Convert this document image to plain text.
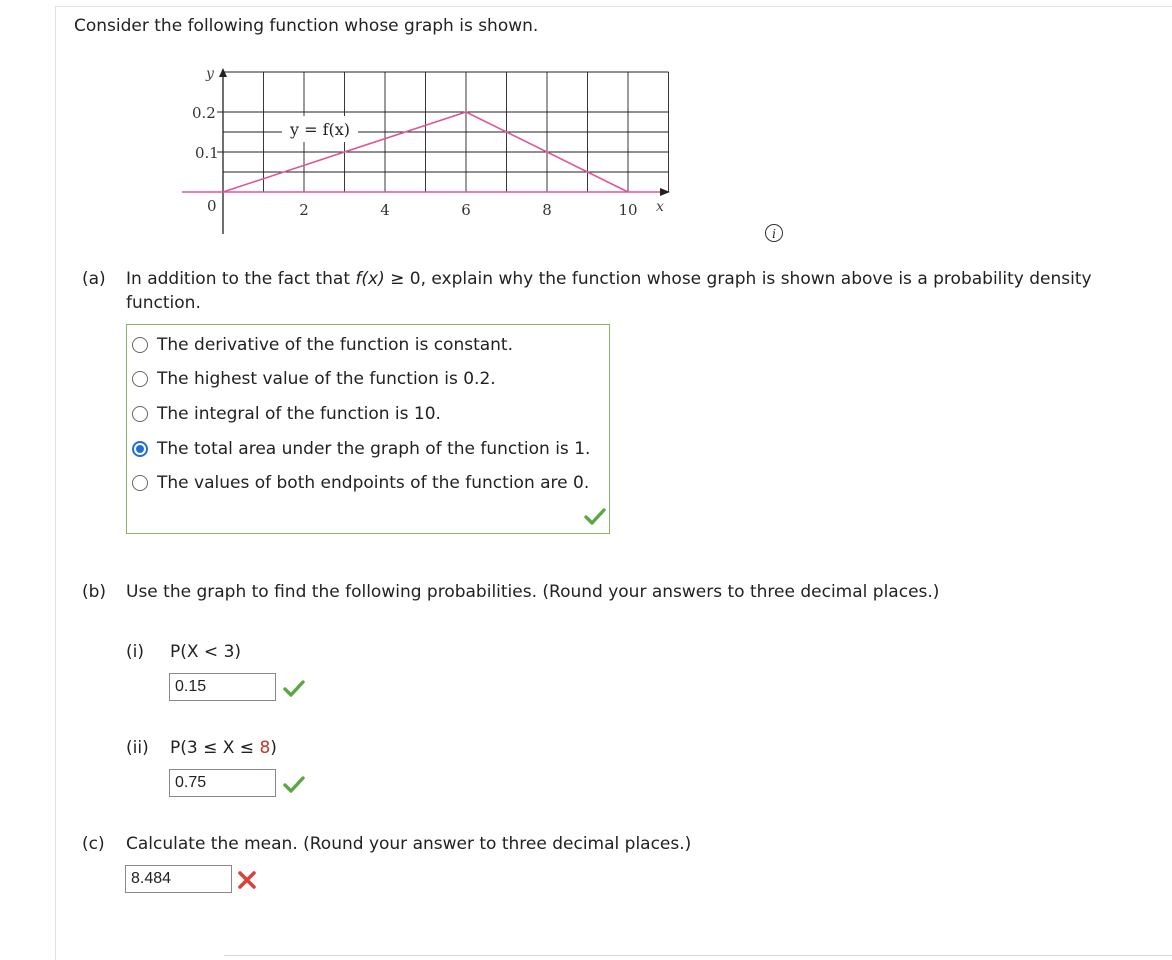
Consider the following function whose graph is shown.
y
x
0.2
0.1
0	2	4	6	8	10
y = f(x)
i
(a) In addition to the fact that f(x) ≥ 0, explain why the function whose graph is shown above is a probability density
function.
The derivative of the function is constant.
The highest value of the function is 0.2.
The integral of the function is 10.
The total area under the graph of the function is 1.
The values of both endpoints of the function are 0.
(b) Use the graph to find the following probabilities. (Round your answers to three decimal places.)
(i) P(X < 3)
0.15
(ii) P(3 ≤ X ≤ 8)
0.75
(c) Calculate the mean. (Round your answer to three decimal places.)
8.484
